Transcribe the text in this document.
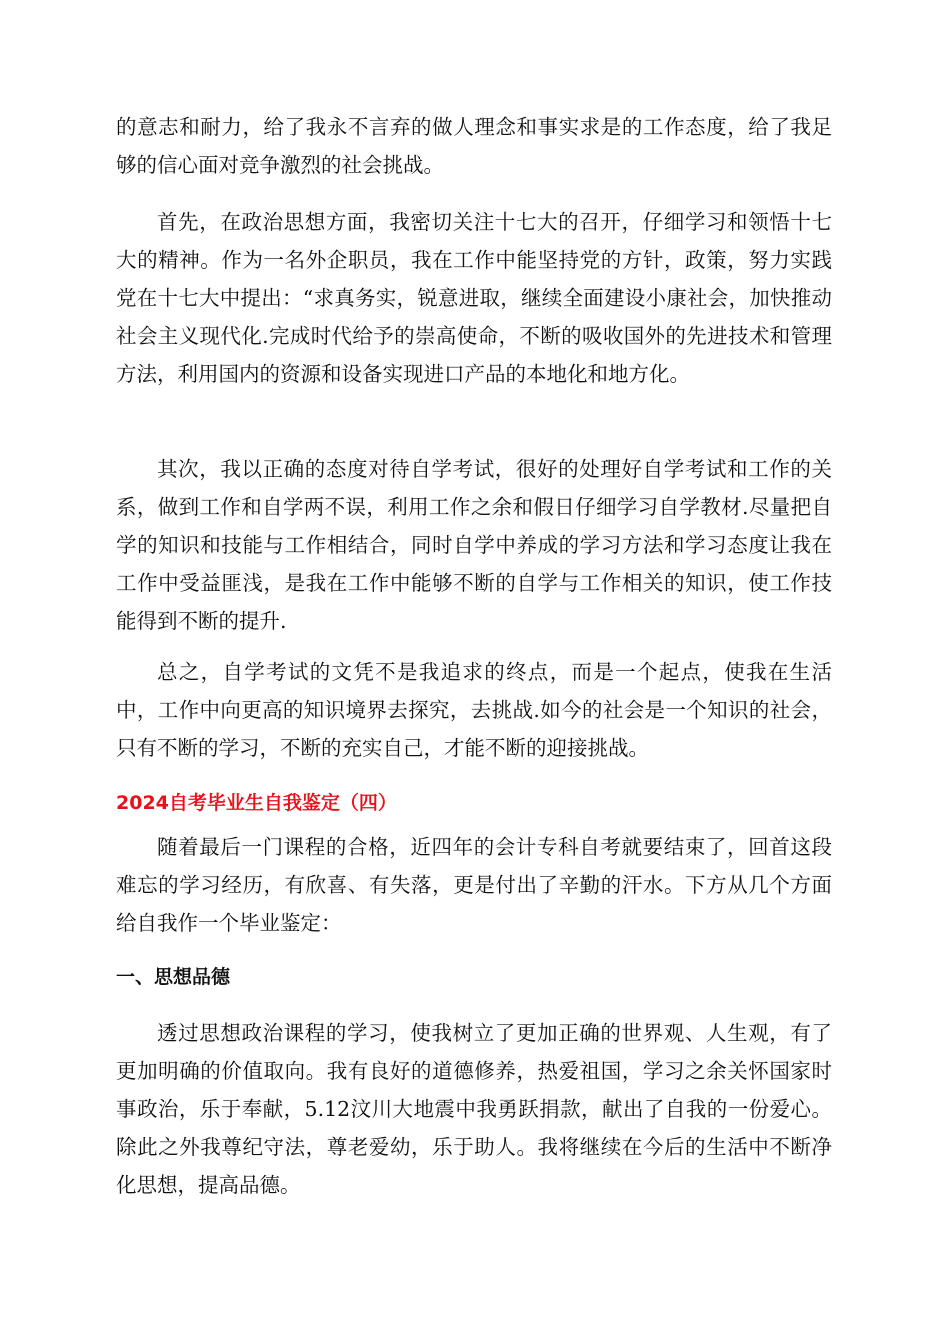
的意志和耐力，给了我永不言弃的做人理念和事实求是的工作态度，给了我足够的信心面对竞争激烈的社会挑战。

首先，在政治思想方面，我密切关注十七大的召开，仔细学习和领悟十七大的精神。作为一名外企职员，我在工作中能坚持党的方针，政策，努力实践党在十七大中提出：“求真务实，锐意进取，继续全面建设小康社会，加快推动社会主义现代化.完成时代给予的崇高使命，不断的吸收国外的先进技术和管理方法，利用国内的资源和设备实现进口产品的本地化和地方化。

其次，我以正确的态度对待自学考试，很好的处理好自学考试和工作的关系，做到工作和自学两不误，利用工作之余和假日仔细学习自学教材.尽量把自学的知识和技能与工作相结合，同时自学中养成的学习方法和学习态度让我在工作中受益匪浅，是我在工作中能够不断的自学与工作相关的知识，使工作技能得到不断的提升.

总之，自学考试的文凭不是我追求的终点，而是一个起点，使我在生活中，工作中向更高的知识境界去探究，去挑战.如今的社会是一个知识的社会，只有不断的学习，不断的充实自己，才能不断的迎接挑战。

2024自考毕业生自我鉴定（四）

随着最后一门课程的合格，近四年的会计专科自考就要结束了，回首这段难忘的学习经历，有欣喜、有失落，更是付出了辛勤的汗水。下方从几个方面给自我作一个毕业鉴定：

一、思想品德

透过思想政治课程的学习，使我树立了更加正确的世界观、人生观，有了更加明确的价值取向。我有良好的道德修养，热爱祖国，学习之余关怀国家时事政治，乐于奉献，5.12汶川大地震中我勇跃捐款，献出了自我的一份爱心。除此之外我尊纪守法，尊老爱幼，乐于助人。我将继续在今后的生活中不断净化思想，提高品德。
